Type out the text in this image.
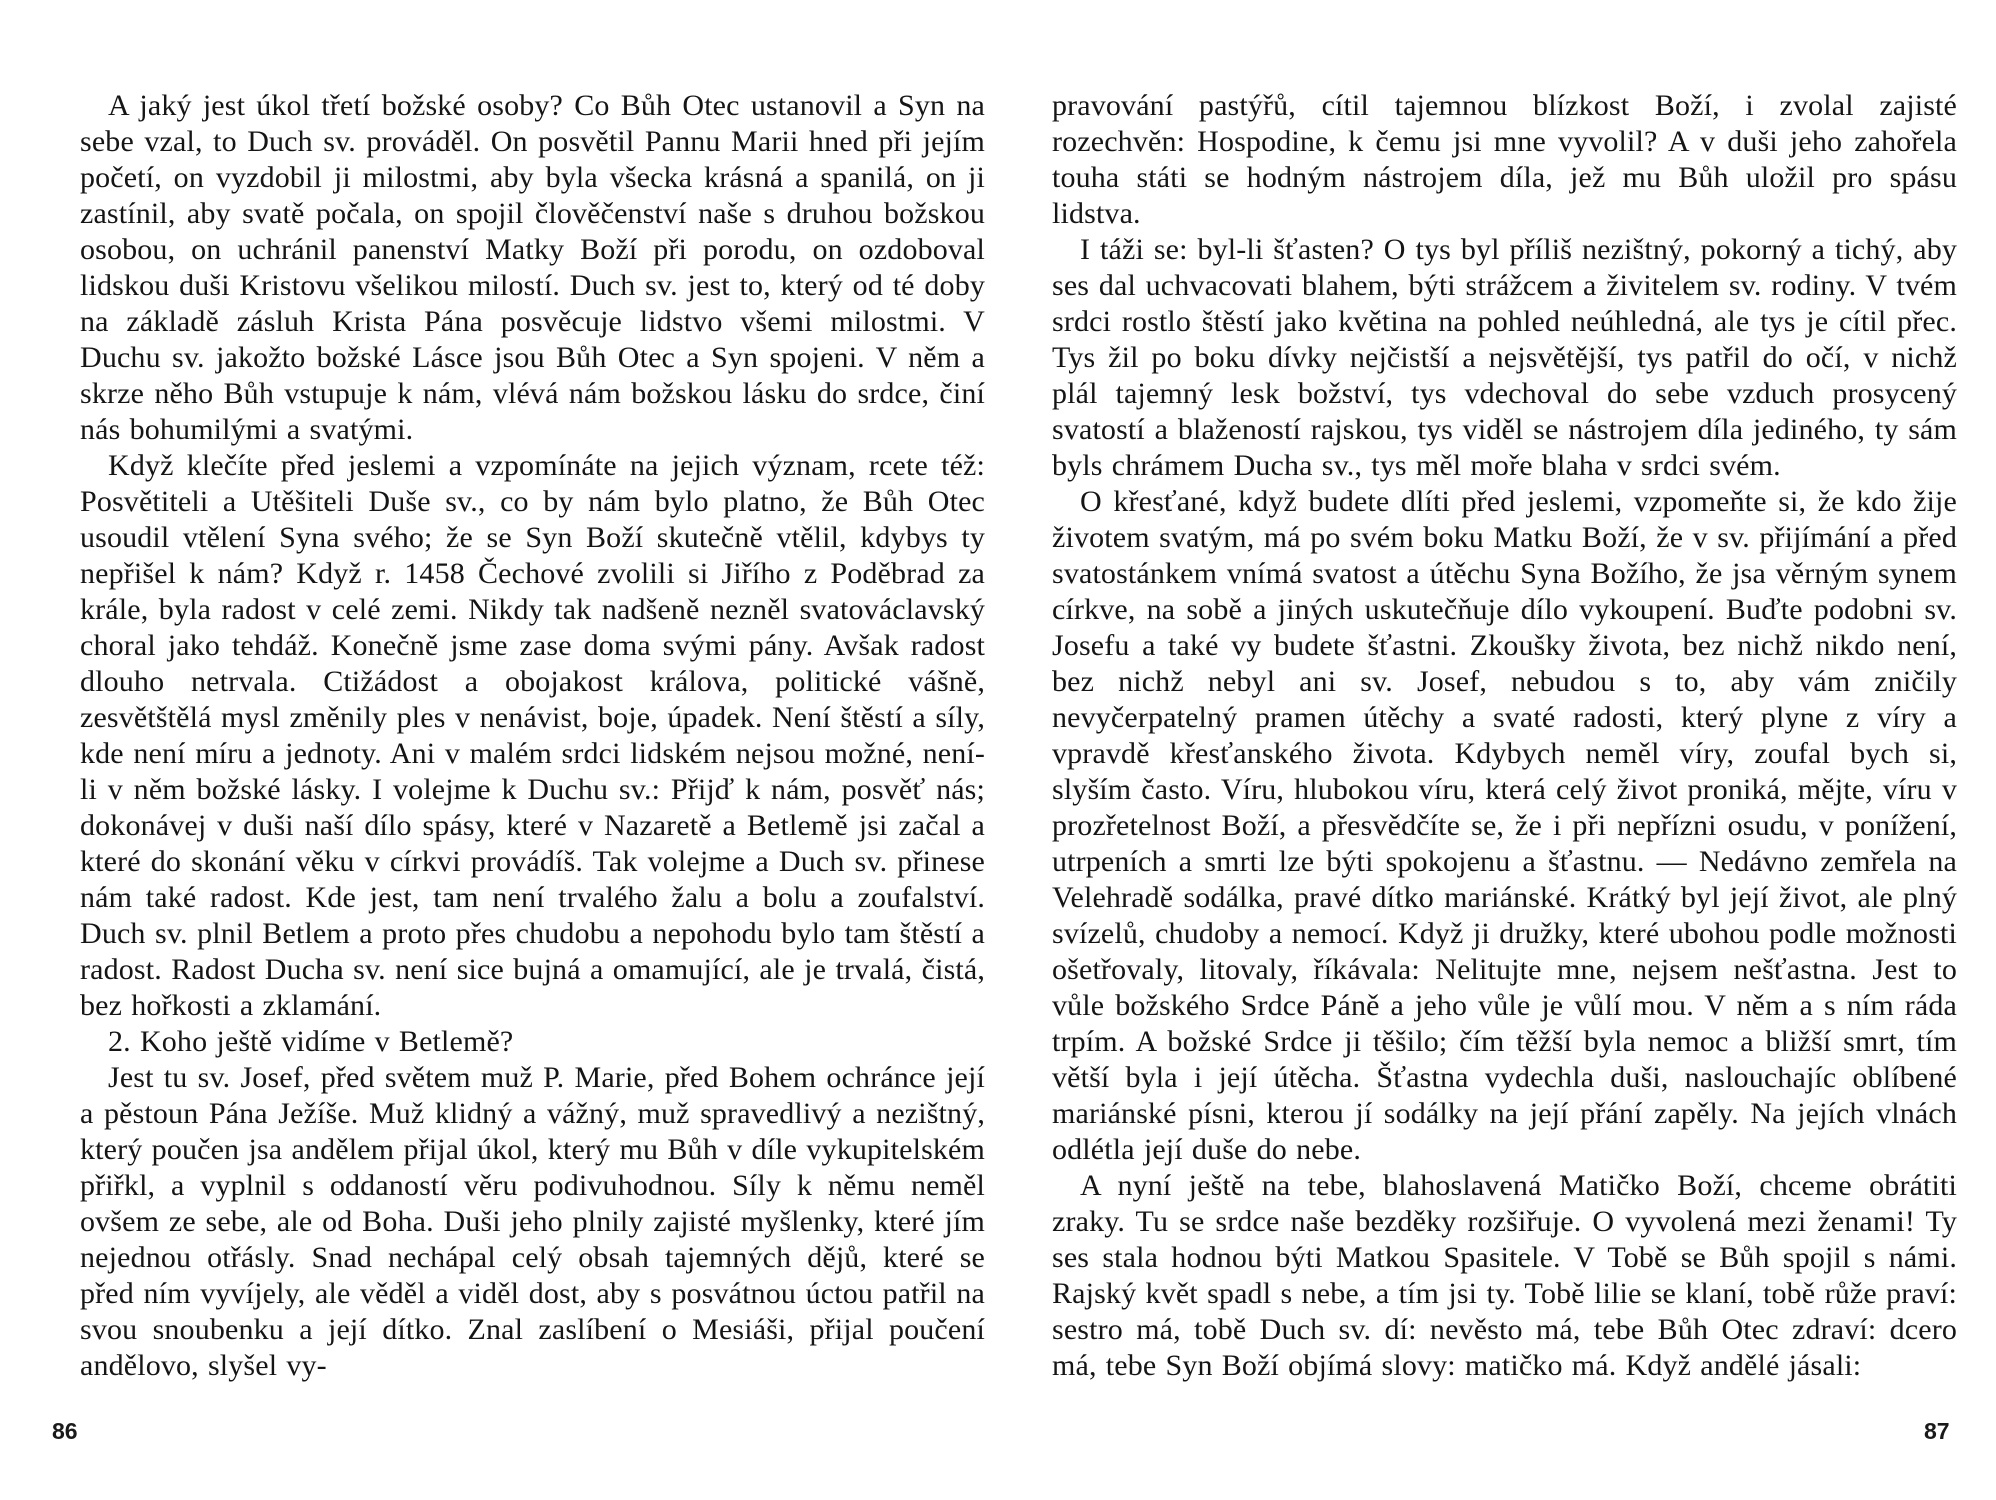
A jaký jest úkol třetí božské osoby? Co Bůh Otec ustanovil a Syn na sebe vzal, to Duch sv. prováděl. On posvětil Pannu Marii hned při jejím početí, on vyzdobil ji milostmi, aby byla všecka krásná a spanilá, on ji zastínil, aby svatě počala, on spojil člověčenství naše s druhou božskou osobou, on uchránil panenství Matky Boží při porodu, on ozdoboval lidskou duši Kristovu všelikou milostí. Duch sv. jest to, který od té doby na základě zásluh Krista Pána posvěcuje lidstvo všemi milostmi. V Duchu sv. jakožto božské Lásce jsou Bůh Otec a Syn spojeni. V něm a skrze něho Bůh vstupuje k nám, vlévá nám božskou lásku do srdce, činí nás bohumilými a svatými.

Když klečíte před jeslemi a vzpomínáte na jejich význam, rcete též: Posvětiteli a Utěšiteli Duše sv., co by nám bylo platno, že Bůh Otec usoudil vtělení Syna svého; že se Syn Boží skutečně vtělil, kdybys ty nepřišel k nám? Když r. 1458 Čechové zvolili si Jiřího z Poděbrad za krále, byla radost v celé zemi. Nikdy tak nadšeně nezněl svatováclavský choral jako tehdáž. Konečně jsme zase doma svými pány. Avšak radost dlouho netrvala. Ctižádost a obojakost králova, politické vášně, zesvětštělá mysl změnily ples v nenávist, boje, úpadek. Není štěstí a síly, kde není míru a jednoty. Ani v malém srdci lidském nejsou možné, není-li v něm božské lásky. I volejme k Duchu sv.: Přijď k nám, posvěť nás; dokonávej v duši naší dílo spásy, které v Nazaretě a Betlemě jsi začal a které do skonání věku v církvi provádíš. Tak volejme a Duch sv. přinese nám také radost. Kde jest, tam není trvalého žalu a bolu a zoufalství. Duch sv. plnil Betlem a proto přes chudobu a nepohodu bylo tam štěstí a radost. Radost Ducha sv. není sice bujná a omamující, ale je trvalá, čistá, bez hořkosti a zklamání.

2. Koho ještě vidíme v Betlemě?

Jest tu sv. Josef, před světem muž P. Marie, před Bohem ochránce její a pěstoun Pána Ježíše. Muž klidný a vážný, muž spravedlivý a nezištný, který poučen jsa andělem přijal úkol, který mu Bůh v díle vykupitelském přiřkl, a vyplnil s oddaností věru podivuhodnou. Síly k němu neměl ovšem ze sebe, ale od Boha. Duši jeho plnily zajisté myšlenky, které jím nejednou otřásly. Snad nechápal celý obsah tajemných dějů, které se před ním vyvíjely, ale věděl a viděl dost, aby s posvátnou úctou patřil na svou snoubenku a její dítko. Znal zaslíbení o Mesiáši, přijal poučení andělovo, slyšel vy-

pravování pastýřů, cítil tajemnou blízkost Boží, i zvolal zajisté rozechvěn: Hospodine, k čemu jsi mne vyvolil? A v duši jeho zahořela touha státi se hodným nástrojem díla, jež mu Bůh uložil pro spásu lidstva.

I táži se: byl-li šťasten? O tys byl příliš nezištný, pokorný a tichý, aby ses dal uchvacovati blahem, býti strážcem a živitelem sv. rodiny. V tvém srdci rostlo štěstí jako květina na pohled neúhledná, ale tys je cítil přec. Tys žil po boku dívky nejčistší a nejsvětější, tys patřil do očí, v nichž plál tajemný lesk božství, tys vdechoval do sebe vzduch prosycený svatostí a blažeností rajskou, tys viděl se nástrojem díla jediného, ty sám byls chrámem Ducha sv., tys měl moře blaha v srdci svém.

O křesťané, když budete dlíti před jeslemi, vzpomeňte si, že kdo žije životem svatým, má po svém boku Matku Boží, že v sv. přijímání a před svatostánkem vnímá svatost a útěchu Syna Božího, že jsa věrným synem církve, na sobě a jiných uskutečňuje dílo vykoupení. Buďte podobni sv. Josefu a také vy budete šťastni. Zkoušky života, bez nichž nikdo není, bez nichž nebyl ani sv. Josef, nebudou s to, aby vám zničily nevyčerpatelný pramen útěchy a svaté radosti, který plyne z víry a vpravdě křesťanského života. Kdybych neměl víry, zoufal bych si, slyším často. Víru, hlubokou víru, která celý život proniká, mějte, víru v prozřetelnost Boží, a přesvědčíte se, že i při nepřízni osudu, v ponížení, utrpeních a smrti lze býti spokojenu a šťastnu. — Nedávno zemřela na Velehradě sodálka, pravé dítko mariánské. Krátký byl její život, ale plný svízelů, chudoby a nemocí. Když ji družky, které ubohou podle možnosti ošetřovaly, litovaly, říkávala: Nelitujte mne, nejsem nešťastna. Jest to vůle božského Srdce Páně a jeho vůle je vůlí mou. V něm a s ním ráda trpím. A božské Srdce ji těšilo; čím těžší byla nemoc a bližší smrt, tím větší byla i její útěcha. Šťastna vydechla duši, naslouchajíc oblíbené mariánské písni, kterou jí sodálky na její přání zapěly. Na jejích vlnách odlétla její duše do nebe.

A nyní ještě na tebe, blahoslavená Matičko Boží, chceme obrátiti zraky. Tu se srdce naše bezděky rozšiřuje. O vyvolená mezi ženami! Ty ses stala hodnou býti Matkou Spasitele. V Tobě se Bůh spojil s námi. Rajský květ spadl s nebe, a tím jsi ty. Tobě lilie se klaní, tobě růže praví: sestro má, tobě Duch sv. dí: nevěsto má, tebe Bůh Otec zdraví: dcero má, tebe Syn Boží objímá slovy: matičko má. Když andělé jásali:

86	87
